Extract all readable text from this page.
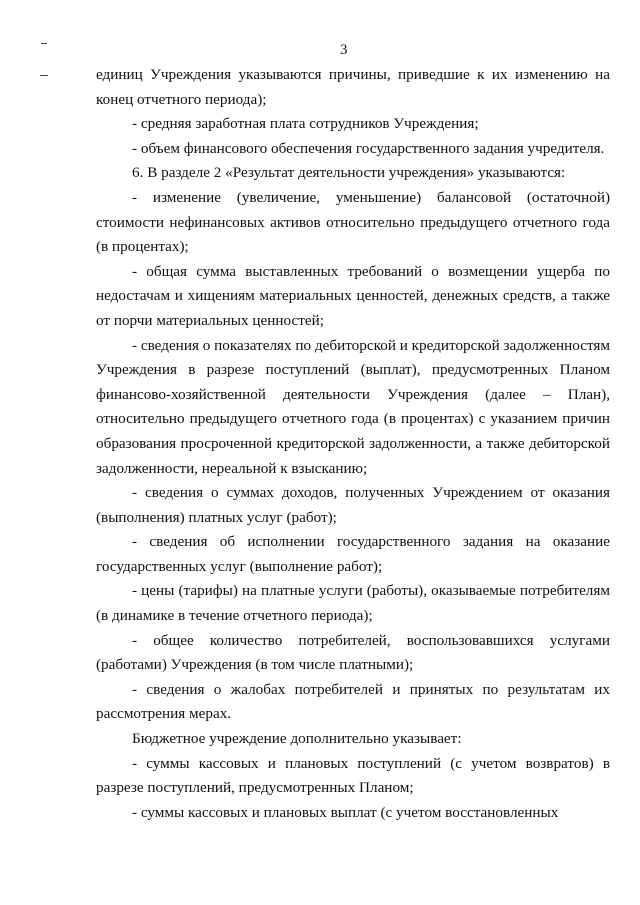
3

единиц Учреждения указываются причины, приведшие к их изменению на конец отчетного периода);

- средняя заработная плата сотрудников Учреждения;

- объем финансового обеспечения государственного задания учредителя.

6. В разделе 2 «Результат деятельности учреждения» указываются:

- изменение (увеличение, уменьшение) балансовой (остаточной) стоимости нефинансовых активов относительно предыдущего отчетного года (в процентах);

- общая сумма выставленных требований о возмещении ущерба по недостачам и хищениям материальных ценностей, денежных средств, а также от порчи материальных ценностей;

- сведения о показателях по дебиторской и кредиторской задолженностям Учреждения в разрезе поступлений (выплат), предусмотренных Планом финансово-хозяйственной деятельности Учреждения (далее – План), относительно предыдущего отчетного года (в процентах) с указанием причин образования просроченной кредиторской задолженности, а также дебиторской задолженности, нереальной к взысканию;

- сведения о суммах доходов, полученных Учреждением от оказания (выполнения) платных услуг (работ);

- сведения об исполнении государственного задания на оказание государственных услуг (выполнение работ);

- цены (тарифы) на платные услуги (работы), оказываемые потребителям (в динамике в течение отчетного периода);

- общее количество потребителей, воспользовавшихся услугами (работами) Учреждения (в том числе платными);

- сведения о жалобах потребителей и принятых по результатам их рассмотрения мерах.

Бюджетное учреждение дополнительно указывает:

- суммы кассовых и плановых поступлений (с учетом возвратов) в разрезе поступлений, предусмотренных Планом;

- суммы кассовых и плановых выплат (с учетом восстановленных
